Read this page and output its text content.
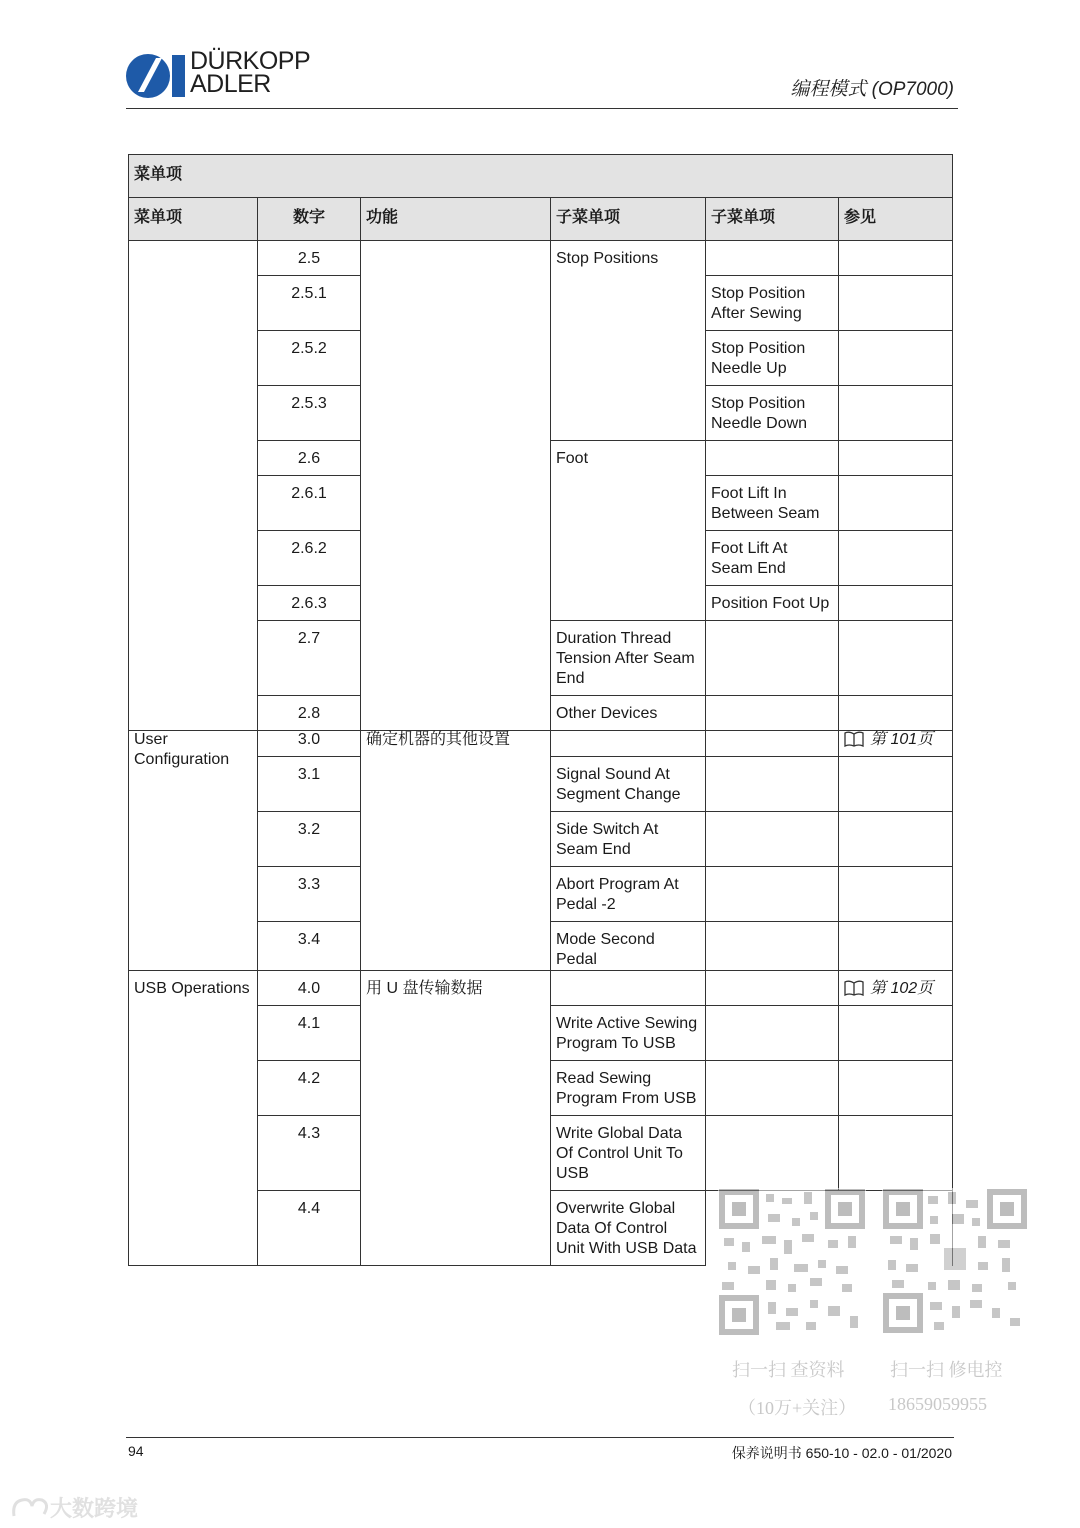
DÜRKOPP
ADLER	编程模式 (OP7000)
菜单项					
菜单项	数字	功能	子菜单项	子菜单项	参见
	2.5		Stop Positions		
	2.5.1			Stop Position After Sewing	
	2.5.2			Stop Position Needle Up	
	2.5.3			Stop Position Needle Down	
	2.6		Foot		
	2.6.1			Foot Lift In Between Seam	
	2.6.2			Foot Lift At Seam End	
	2.6.3			Position Foot Up	
	2.7		Duration Thread Tension After Seam End		
	2.8		Other Devices		
User Configuration	3.0	确定机器的其他设置			第 101页
	3.1		Signal Sound At Segment Change		
	3.2		Side Switch At Seam End		
	3.3		Abort Program At Pedal -2		
	3.4		Mode Second Pedal		
USB Operations	4.0	用 U 盘传输数据			第 102页
	4.1		Write Active Sewing Program To USB		
	4.2		Read Sewing Program From USB		
	4.3		Write Global Data Of Control Unit To USB		
	4.4		Overwrite Global Data Of Control Unit With USB Data		
扫一扫 查资料
（10万+关注）
扫一扫 修电控
18659059955
94	保养说明书 650-10 - 02.0 - 01/2020
大数跨境
